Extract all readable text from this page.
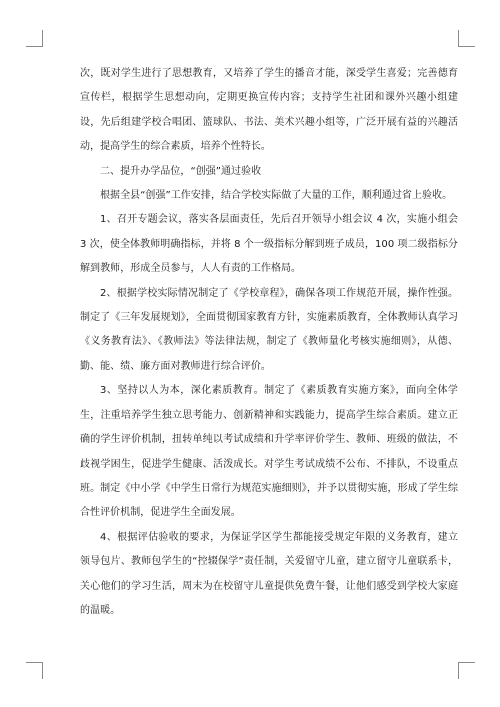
次，既对学生进行了思想教育，又培养了学生的播音才能，深受学生喜爱；完善德育宣传栏，根据学生思想动向，定期更换宣传内容；支持学生社团和课外兴趣小组建设，先后组建学校合唱团、篮球队、书法、美术兴趣小组等，广泛开展有益的兴趣活动，提高学生的综合素质，培养个性特长。

二、提升办学品位，“创强”通过验收

根据全县“创强”工作安排，结合学校实际做了大量的工作，顺利通过省上验收。

1、召开专题会议，落实各层面责任，先后召开领导小组会议 4 次，实施小组会 3 次，使全体教师明确指标，并将 8 个一级指标分解到班子成员，100 项二级指标分解到教师，形成全员参与，人人有责的工作格局。

2、根据学校实际情况制定了《学校章程》，确保各项工作规范开展，操作性强。制定了《三年发展规划》，全面贯彻国家教育方针，实施素质教育，全体教师认真学习《义务教育法》、《教师法》等法律法规，制定了《教师量化考核实施细则》，从德、勤、能、绩、廉方面对教师进行综合评价。

3、坚持以人为本，深化素质教育。制定了《素质教育实施方案》，面向全体学生，注重培养学生独立思考能力、创新精神和实践能力，提高学生综合素质。建立正确的学生评价机制，扭转单纯以考试成绩和升学率评价学生、教师、班级的做法，不歧视学困生，促进学生健康、活泼成长。对学生考试成绩不公布、不排队，不设重点班。制定《中小学《中学生日常行为规范实施细则》，并予以贯彻实施，形成了学生综合性评价机制，促进学生全面发展。

4、根据评估验收的要求，为保证学区学生都能接受规定年限的义务教育，建立领导包片、教师包学生的“控辍保学”责任制，关爱留守儿童，建立留守儿童联系卡，关心他们的学习生活，周末为在校留守儿童提供免费午餐，让他们感受到学校大家庭的温暖。
